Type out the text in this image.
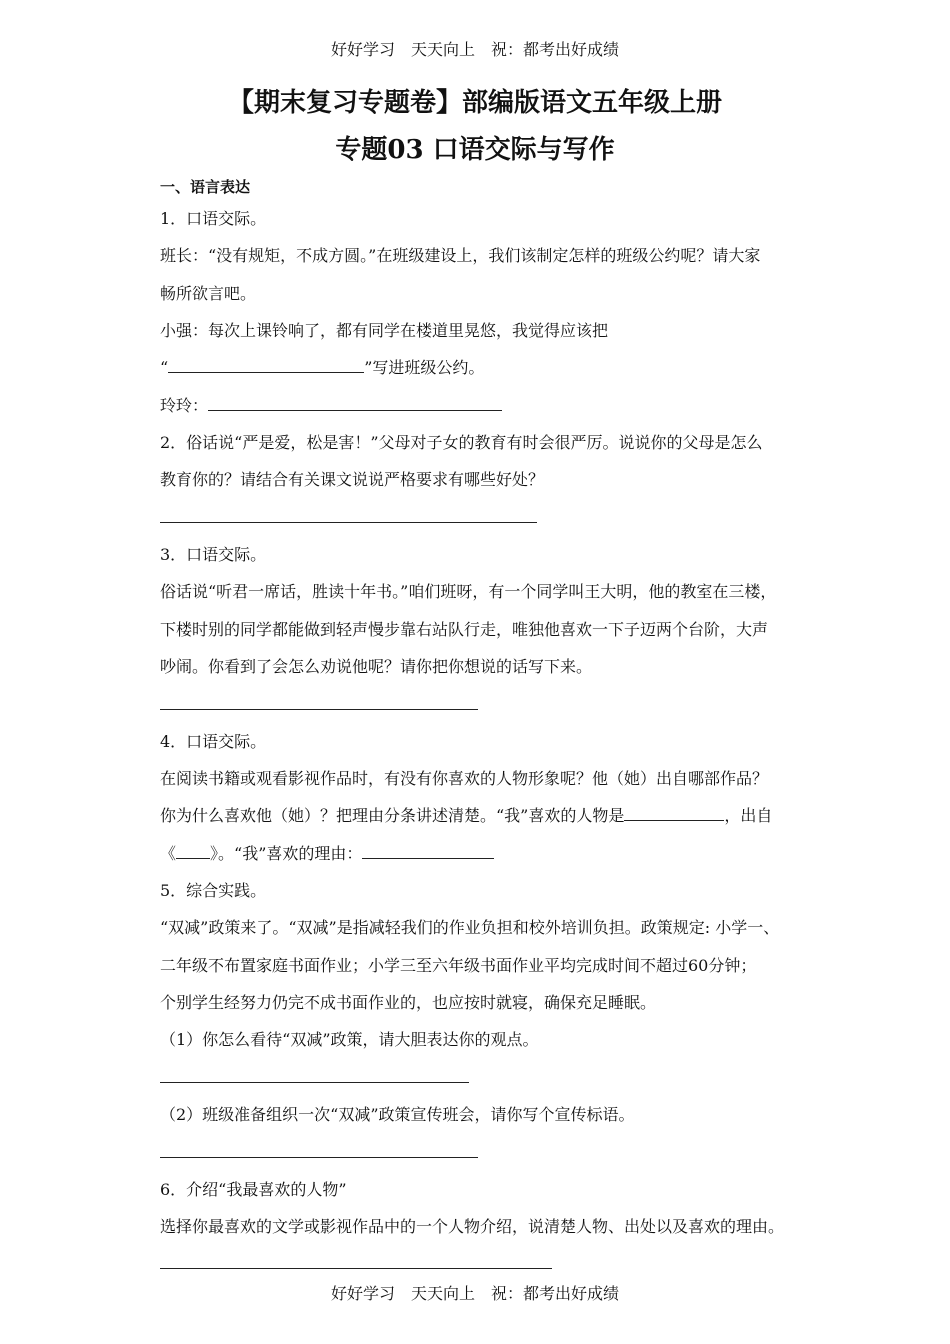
好好学习　天天向上　祝：都考出好成绩
【期末复习专题卷】部编版语文五年级上册
专题03 口语交际与写作
一、语言表达
1．口语交际。
班长：“没有规矩，不成方圆。”在班级建设上，我们该制定怎样的班级公约呢？请大家
畅所欲言吧。
小强：每次上课铃响了，都有同学在楼道里晃悠，我觉得应该把
“	”写进班级公约。
玲玲：
2．俗话说“严是爱，松是害！”父母对子女的教育有时会很严厉。说说你的父母是怎么
教育你的？请结合有关课文说说严格要求有哪些好处？
3．口语交际。
俗话说“听君一席话，胜读十年书。”咱们班呀，有一个同学叫王大明，他的教室在三楼，
下楼时别的同学都能做到轻声慢步靠右站队行走，唯独他喜欢一下子迈两个台阶，大声
吵闹。你看到了会怎么劝说他呢？请你把你想说的话写下来。
4．口语交际。
在阅读书籍或观看影视作品时，有没有你喜欢的人物形象呢？他（她）出自哪部作品？
你为什么喜欢他（她）？把理由分条讲述清楚。“我”喜欢的人物是	，出自
《 》。“我”喜欢的理由：
5．综合实践。
“双减”政策来了。“双减”是指减轻我们的作业负担和校外培训负担。政策规定: 小学一、
二年级不布置家庭书面作业；小学三至六年级书面作业平均完成时间不超过60分钟；
个别学生经努力仍完不成书面作业的，也应按时就寝，确保充足睡眠。
（1）你怎么看待“双减”政策，请大胆表达你的观点。
（2）班级准备组织一次“双减”政策宣传班会，请你写个宣传标语。
6．介绍“我最喜欢的人物”
选择你最喜欢的文学或影视作品中的一个人物介绍，说清楚人物、出处以及喜欢的理由。
好好学习　天天向上　祝：都考出好成绩
